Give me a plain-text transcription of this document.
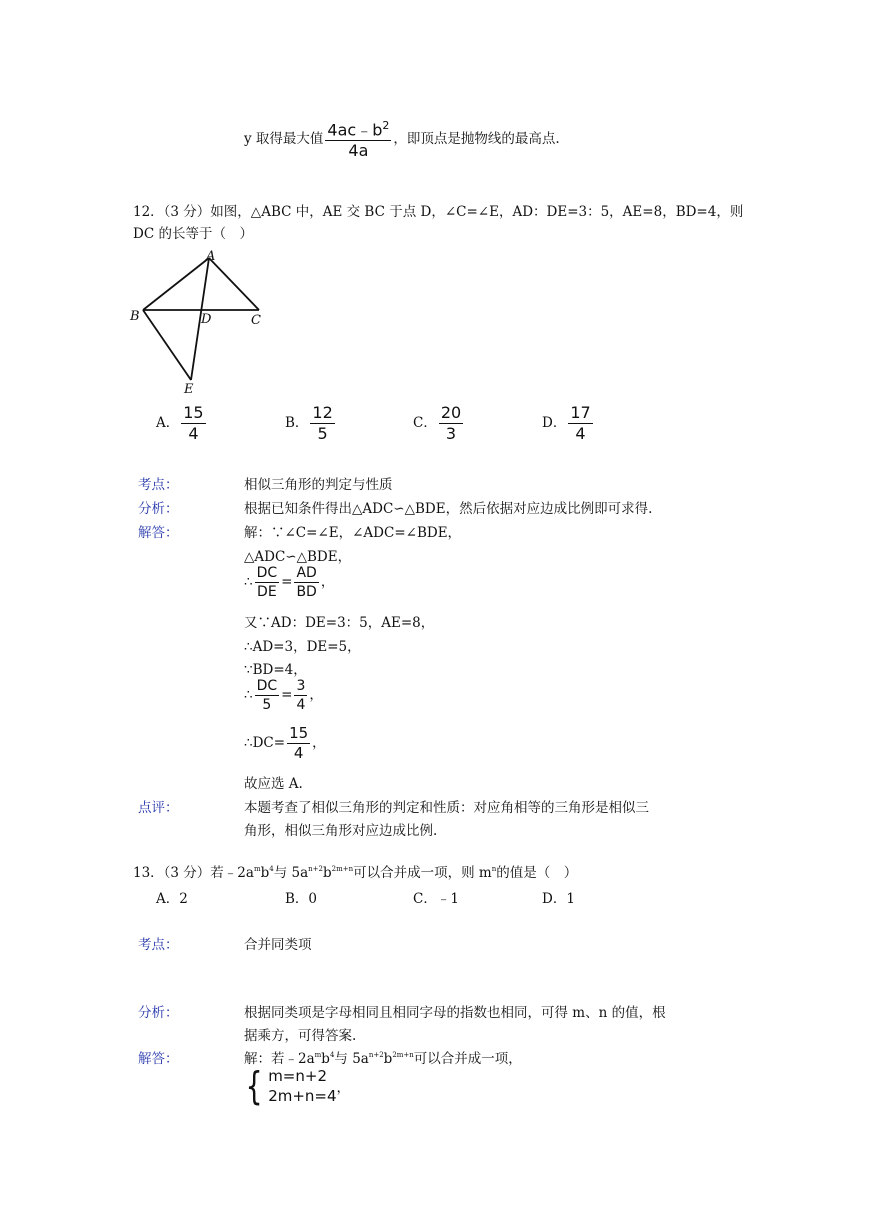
y 取得最大值 $\frac{4ac﹣b^2}{4a}$ ，即顶点是抛物线的最高点.
12．（3 分）如图，△ABC 中，AE 交 BC 于点 D，∠C=∠E，AD：DE=3：5，AE=8，BD=4，则
DC 的长等于（　）
A
B	C
D
E
A． $\frac{15}{4}$	B． $\frac{12}{5}$	C． $\frac{20}{3}$	D． $\frac{17}{4}$
考点：	相似三角形的判定与性质
分析：	根据已知条件得出△ADC∽△BDE，然后依据对应边成比例即可求得.
解答：	解：∵∠C=∠E，∠ADC=∠BDE，
△ADC∽△BDE，
∴ $\frac{DC}{DE} = \frac{AD}{BD}$ ，
又∵AD：DE=3：5，AE=8，
∴AD=3，DE=5，
∵BD=4，
∴ $\frac{DC}{5} = \frac{3}{4}$ ，
∴DC= $\frac{15}{4}$ ，
故应选 A.
点评：	本题考查了相似三角形的判定和性质：对应角相等的三角形是相似三
角形，相似三角形对应边成比例.
13．（3 分）若$﹣2a^mb^4$与 $5a^{n+2}b^{2m+n}$可以合并成一项，则 $m^n$的值是（　）
A．2	B．0	C．﹣1	D．1
考点：	合并同类项
分析：	根据同类项是字母相同且相同字母的指数也相同，可得 m、n 的值，根
据乘方，可得答案.
解答：	解：若$﹣2a^mb^4$与 $5a^{n+2}b^{2m+n}$可以合并成一项，
{ m=n+2
2m+n=4 ，
